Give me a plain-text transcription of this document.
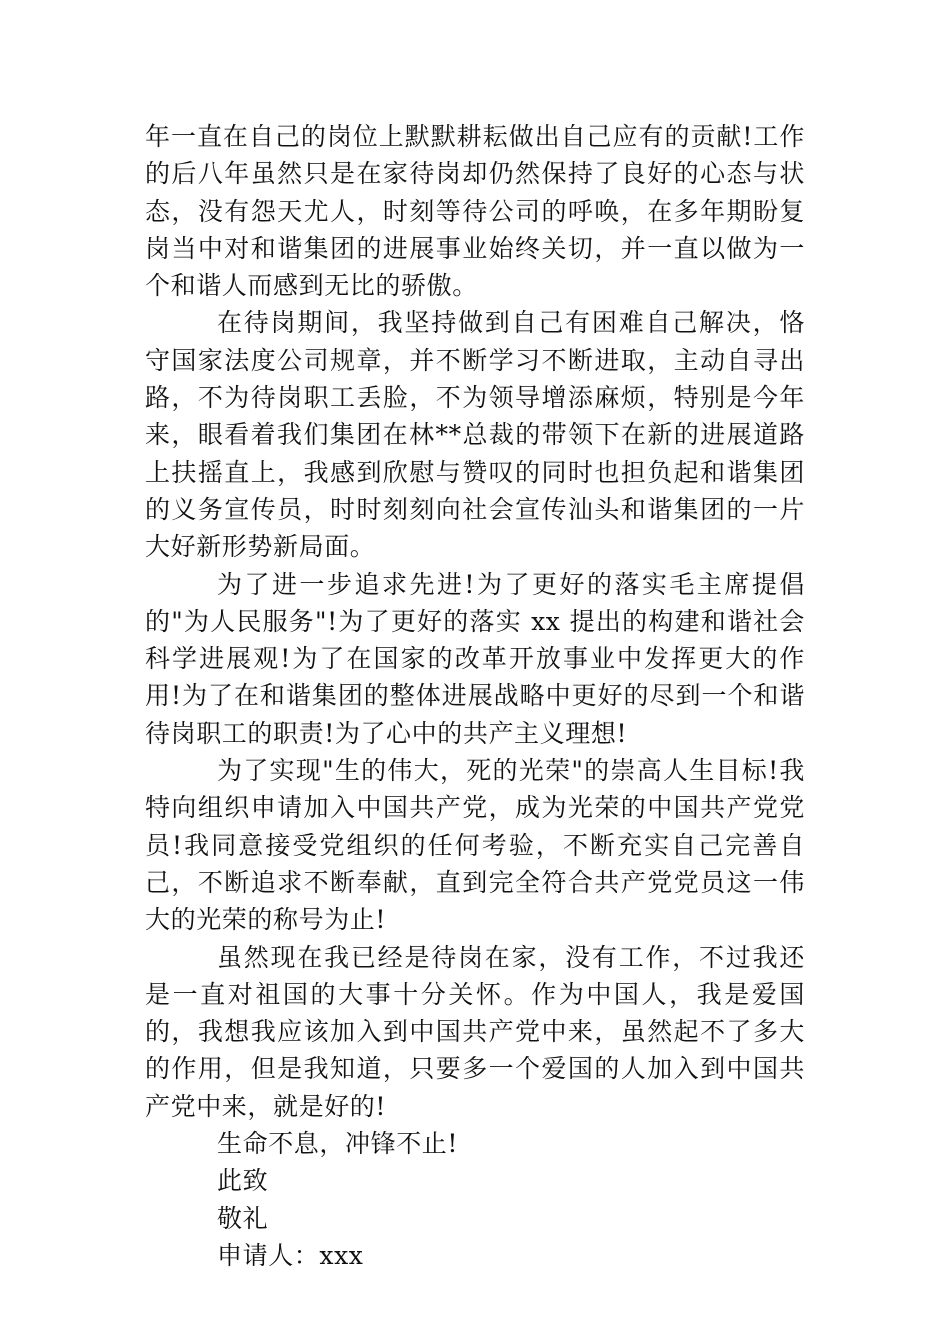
年一直在自己的岗位上默默耕耘做出自己应有的贡献!工作的后八年虽然只是在家待岗却仍然保持了良好的心态与状态，没有怨天尤人，时刻等待公司的呼唤，在多年期盼复岗当中对和谐集团的进展事业始终关切，并一直以做为一个和谐人而感到无比的骄傲。

在待岗期间，我坚持做到自己有困难自己解决，恪守国家法度公司规章，并不断学习不断进取，主动自寻出路，不为待岗职工丢脸，不为领导增添麻烦，特别是今年来，眼看着我们集团在林**总裁的带领下在新的进展道路上扶摇直上，我感到欣慰与赞叹的同时也担负起和谐集团的义务宣传员，时时刻刻向社会宣传汕头和谐集团的一片大好新形势新局面。

为了进一步追求先进!为了更好的落实毛主席提倡的"为人民服务"!为了更好的落实 xx 提出的构建和谐社会科学进展观!为了在国家的改革开放事业中发挥更大的作用!为了在和谐集团的整体进展战略中更好的尽到一个和谐待岗职工的职责!为了心中的共产主义理想!

为了实现"生的伟大，死的光荣"的崇高人生目标!我特向组织申请加入中国共产党，成为光荣的中国共产党党员!我同意接受党组织的任何考验，不断充实自己完善自己，不断追求不断奉献，直到完全符合共产党党员这一伟大的光荣的称号为止!

虽然现在我已经是待岗在家，没有工作，不过我还是一直对祖国的大事十分关怀。作为中国人，我是爱国的，我想我应该加入到中国共产党中来，虽然起不了多大的作用，但是我知道，只要多一个爱国的人加入到中国共产党中来，就是好的!

生命不息，冲锋不止!

此致

敬礼

申请人：xxx
